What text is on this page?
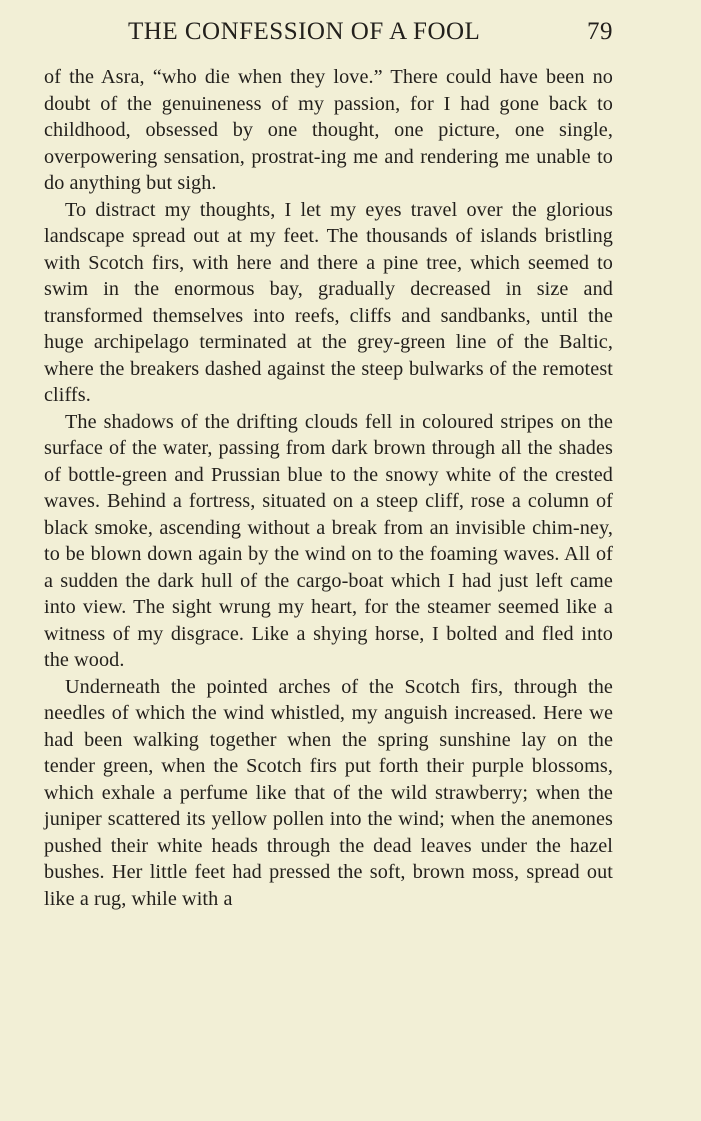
THE CONFESSION OF A FOOL	79

of the Asra, “who die when they love.” There could have been no doubt of the genuineness of my passion, for I had gone back to childhood, obsessed by one thought, one picture, one single, overpowering sensation, prostrat-ing me and rendering me unable to do anything but sigh.

To distract my thoughts, I let my eyes travel over the glorious landscape spread out at my feet. The thousands of islands bristling with Scotch firs, with here and there a pine tree, which seemed to swim in the enormous bay, gradually decreased in size and transformed themselves into reefs, cliffs and sandbanks, until the huge archipelago terminated at the grey-green line of the Baltic, where the breakers dashed against the steep bulwarks of the remotest cliffs.

The shadows of the drifting clouds fell in coloured stripes on the surface of the water, passing from dark brown through all the shades of bottle-green and Prussian blue to the snowy white of the crested waves. Behind a fortress, situated on a steep cliff, rose a column of black smoke, ascending without a break from an invisible chim-ney, to be blown down again by the wind on to the foaming waves. All of a sudden the dark hull of the cargo-boat which I had just left came into view. The sight wrung my heart, for the steamer seemed like a witness of my disgrace. Like a shying horse, I bolted and fled into the wood.

Underneath the pointed arches of the Scotch firs, through the needles of which the wind whistled, my anguish increased. Here we had been walking together when the spring sunshine lay on the tender green, when the Scotch firs put forth their purple blossoms, which exhale a perfume like that of the wild strawberry; when the juniper scattered its yellow pollen into the wind; when the anemones pushed their white heads through the dead leaves under the hazel bushes. Her little feet had pressed the soft, brown moss, spread out like a rug, while with a
